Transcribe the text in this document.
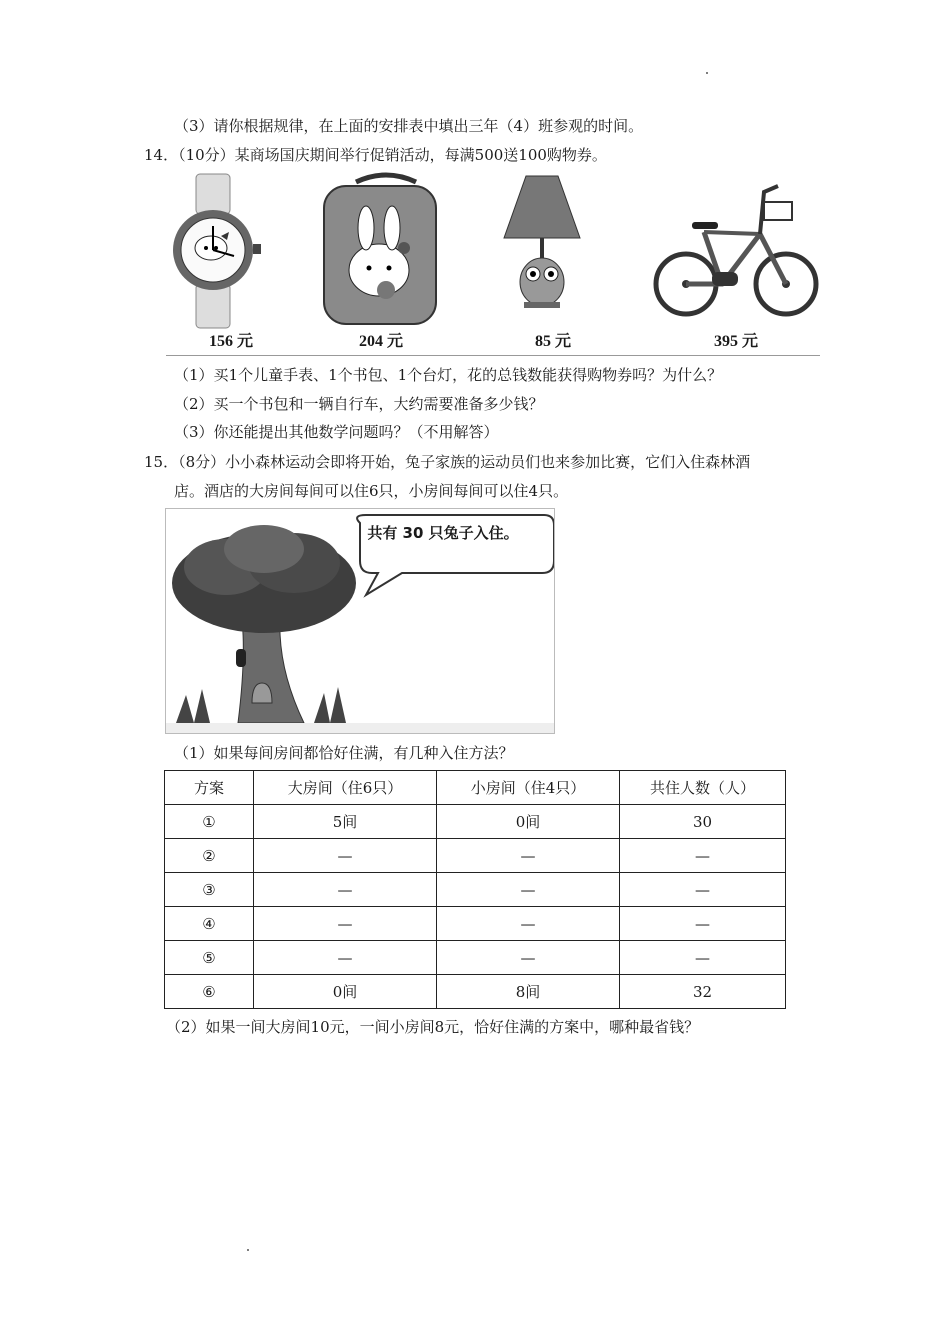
（3）请你根据规律，在上面的安排表中填出三年（4）班参观的时间。
14．（10分）某商场国庆期间举行促销活动，每满500送100购物券。
156 元	204 元	85 元	395 元
（1）买1个儿童手表、1个书包、1个台灯，花的总钱数能获得购物券吗？为什么？
（2）买一个书包和一辆自行车，大约需要准备多少钱？
（3）你还能提出其他数学问题吗？（不用解答）
15．（8分）小小森林运动会即将开始，兔子家族的运动员们也来参加比赛，它们入住森林酒
店。酒店的大房间每间可以住6只，小房间每间可以住4只。
共有 30 只兔子入住。
（1）如果每间房间都恰好住满，有几种入住方法？
方案	大房间（住6只）	小房间（住4只）	共住人数（人）
①	5间	0间	30
②	—	—	—
③	—	—	—
④	—	—	—
⑤	—	—	—
⑥	0间	8间	32
（2）如果一间大房间10元，一间小房间8元，恰好住满的方案中，哪种最省钱？
